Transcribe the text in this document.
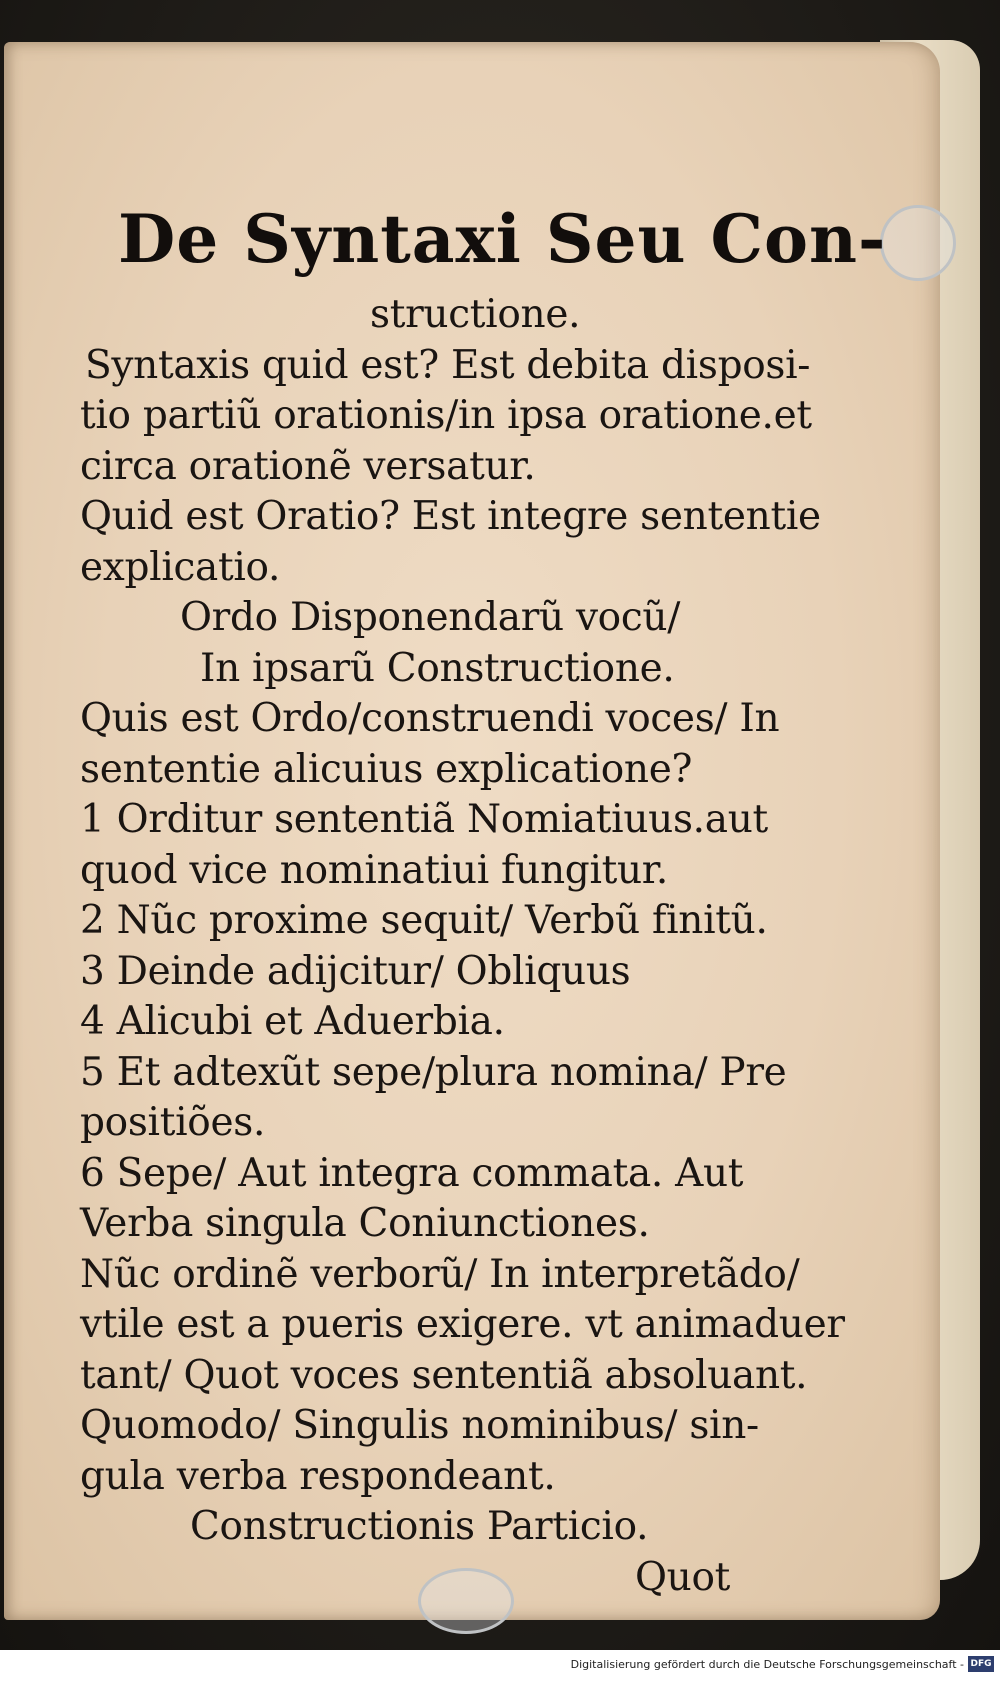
De Syntaxi Seu Con-
structione.
Syntaxis quid est? Est debita disposi-
tio partiũ orationis/in ipsa oratione.et
circa orationẽ versatur.
Quid est Oratio? Est integre sententie
explicatio.
Ordo Disponendarũ vocũ/
In ipsarũ Constructione.
Quis est Ordo/construendi voces/ In
sententie alicuius explicatione?
1 Orditur sententiã Nomiatiuus.aut
quod vice nominatiui fungitur.
2 Nũc proxime sequit/ Verbũ finitũ.
3 Deinde adijcitur/ Obliquus
4 Alicubi et Aduerbia.
5 Et adtexũt sepe/plura nomina/ Pre
positiões.
6 Sepe/ Aut integra commata. Aut
Verba singula Coniunctiones.
Nũc ordinẽ verborũ/ In interpretãdo/
vtile est a pueris exigere. vt animaduer
tant/ Quot voces sententiã absoluant.
Quomodo/ Singulis nominibus/ sin-
gula verba respondeant.
Constructionis Particio.
Quot
Digitalisierung gefördert durch die Deutsche Forschungsgemeinschaft - DFG
